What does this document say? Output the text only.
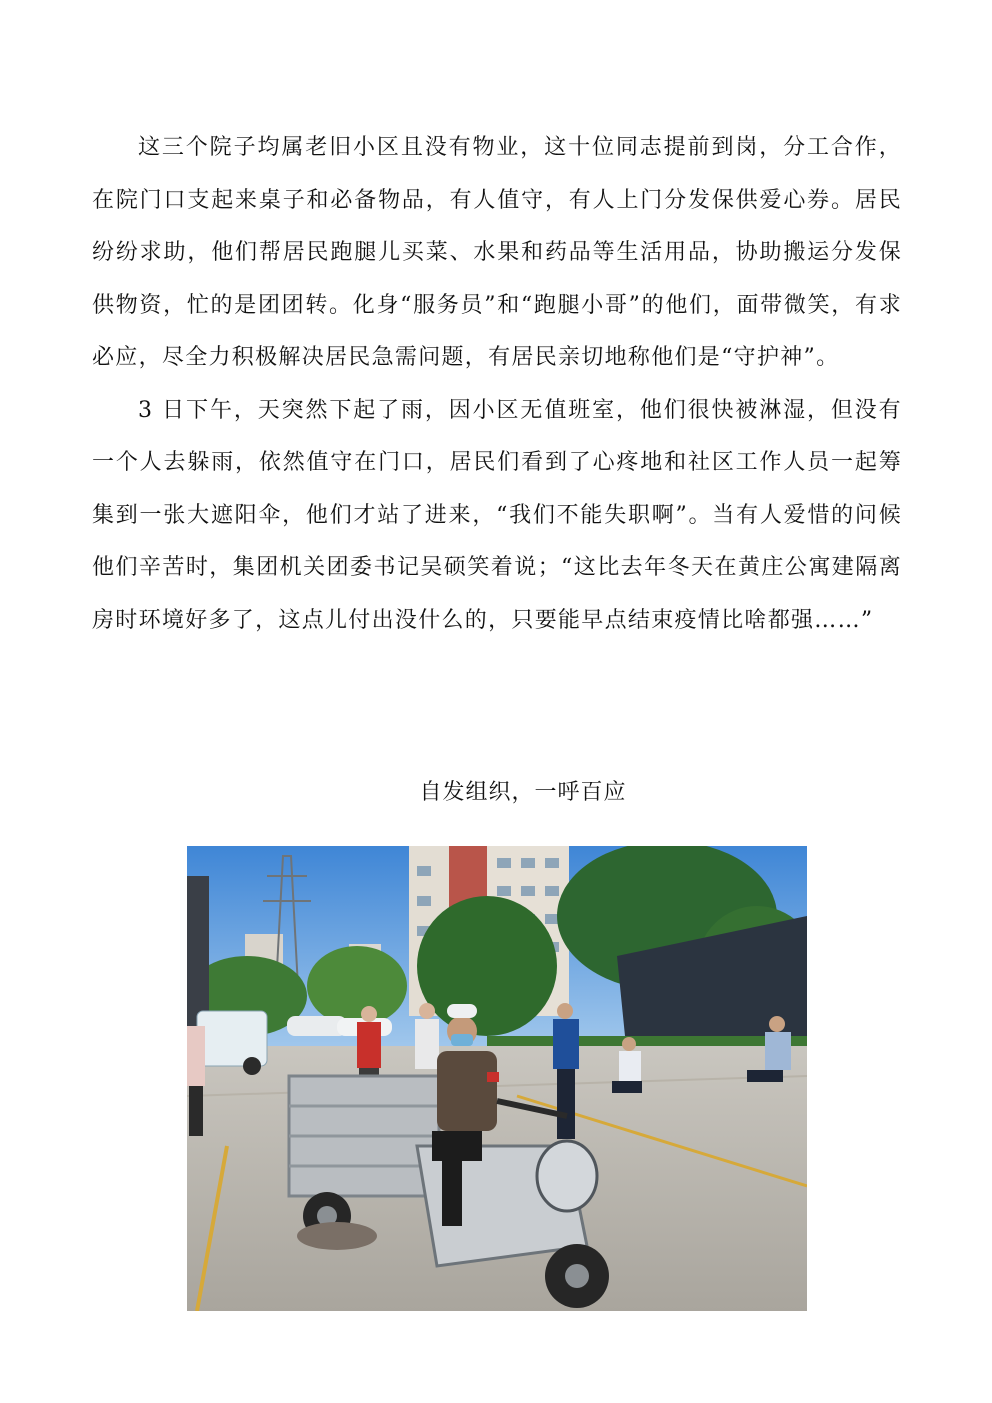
这三个院子均属老旧小区且没有物业，这十位同志提前到岗，分工合作，在院门口支起来桌子和必备物品，有人值守，有人上门分发保供爱心券。居民纷纷求助，他们帮居民跑腿儿买菜、水果和药品等生活用品，协助搬运分发保供物资，忙的是团团转。化身“服务员”和“跑腿小哥”的他们，面带微笑，有求必应，尽全力积极解决居民急需问题，有居民亲切地称他们是“守护神”。

3 日下午，天突然下起了雨，因小区无值班室，他们很快被淋湿，但没有一个人去躲雨，依然值守在门口，居民们看到了心疼地和社区工作人员一起筹集到一张大遮阳伞，他们才站了进来，“我们不能失职啊”。当有人爱惜的问候他们辛苦时，集团机关团委书记吴硕笑着说；“这比去年冬天在黄庄公寓建隔离房时环境好多了，这点儿付出没什么的，只要能早点结束疫情比啥都强……”

自发组织，一呼百应
